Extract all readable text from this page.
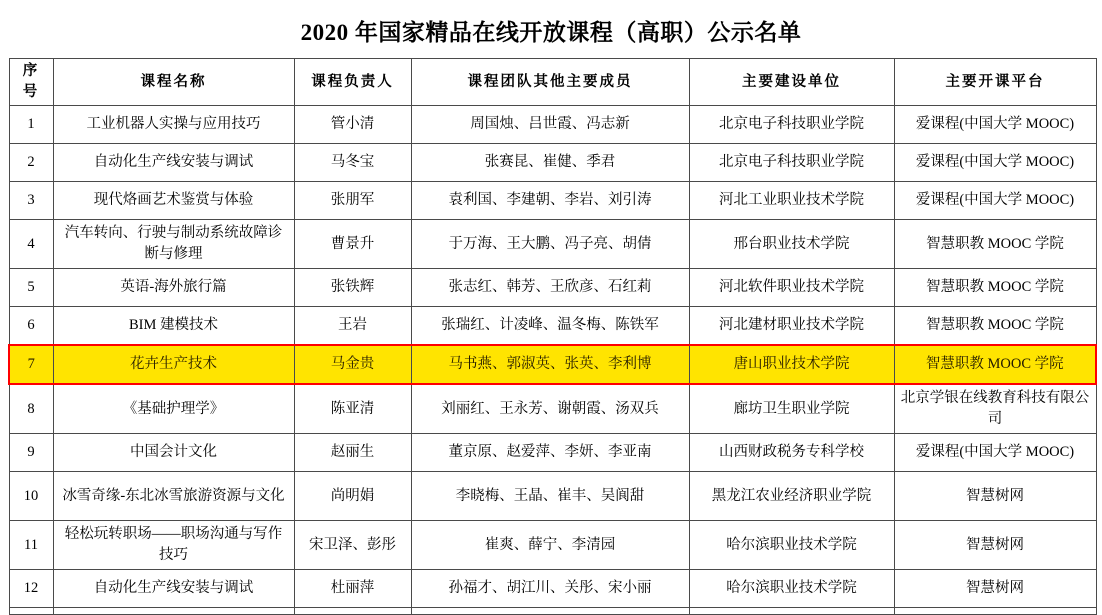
2020 年国家精品在线开放课程（高职）公示名单
序号	课程名称	课程负责人	课程团队其他主要成员	主要建设单位	主要开课平台
1	工业机器人实操与应用技巧	管小清	周国烛、吕世霞、冯志新	北京电子科技职业学院	爱课程(中国大学 MOOC)
2	自动化生产线安装与调试	马冬宝	张赛昆、崔健、季君	北京电子科技职业学院	爱课程(中国大学 MOOC)
3	现代烙画艺术鉴赏与体验	张朋军	袁利国、李建朝、李岩、刘引涛	河北工业职业技术学院	爱课程(中国大学 MOOC)
4	汽车转向、行驶与制动系统故障诊断与修理	曹景升	于万海、王大鹏、冯子亮、胡倩	邢台职业技术学院	智慧职教 MOOC 学院
5	英语-海外旅行篇	张铁辉	张志红、韩芳、王欣彦、石红莉	河北软件职业技术学院	智慧职教 MOOC 学院
6	BIM 建模技术	王岩	张瑞红、计凌峰、温冬梅、陈铁军	河北建材职业技术学院	智慧职教 MOOC 学院
7	花卉生产技术	马金贵	马书燕、郭淑英、张英、李利博	唐山职业技术学院	智慧职教 MOOC 学院
8	《基础护理学》	陈亚清	刘丽红、王永芳、谢朝霞、汤双兵	廊坊卫生职业学院	北京学银在线教育科技有限公司
9	中国会计文化	赵丽生	董京原、赵爱萍、李妍、李亚南	山西财政税务专科学校	爱课程(中国大学 MOOC)
10	冰雪奇缘-东北冰雪旅游资源与文化	尚明娟	李晓梅、王晶、崔丰、吴阆甜	黑龙江农业经济职业学院	智慧树网
11	轻松玩转职场——职场沟通与写作技巧	宋卫泽、彭彤	崔爽、薛宁、李清园	哈尔滨职业技术学院	智慧树网
12	自动化生产线安装与调试	杜丽萍	孙福才、胡江川、关彤、宋小丽	哈尔滨职业技术学院	智慧树网
